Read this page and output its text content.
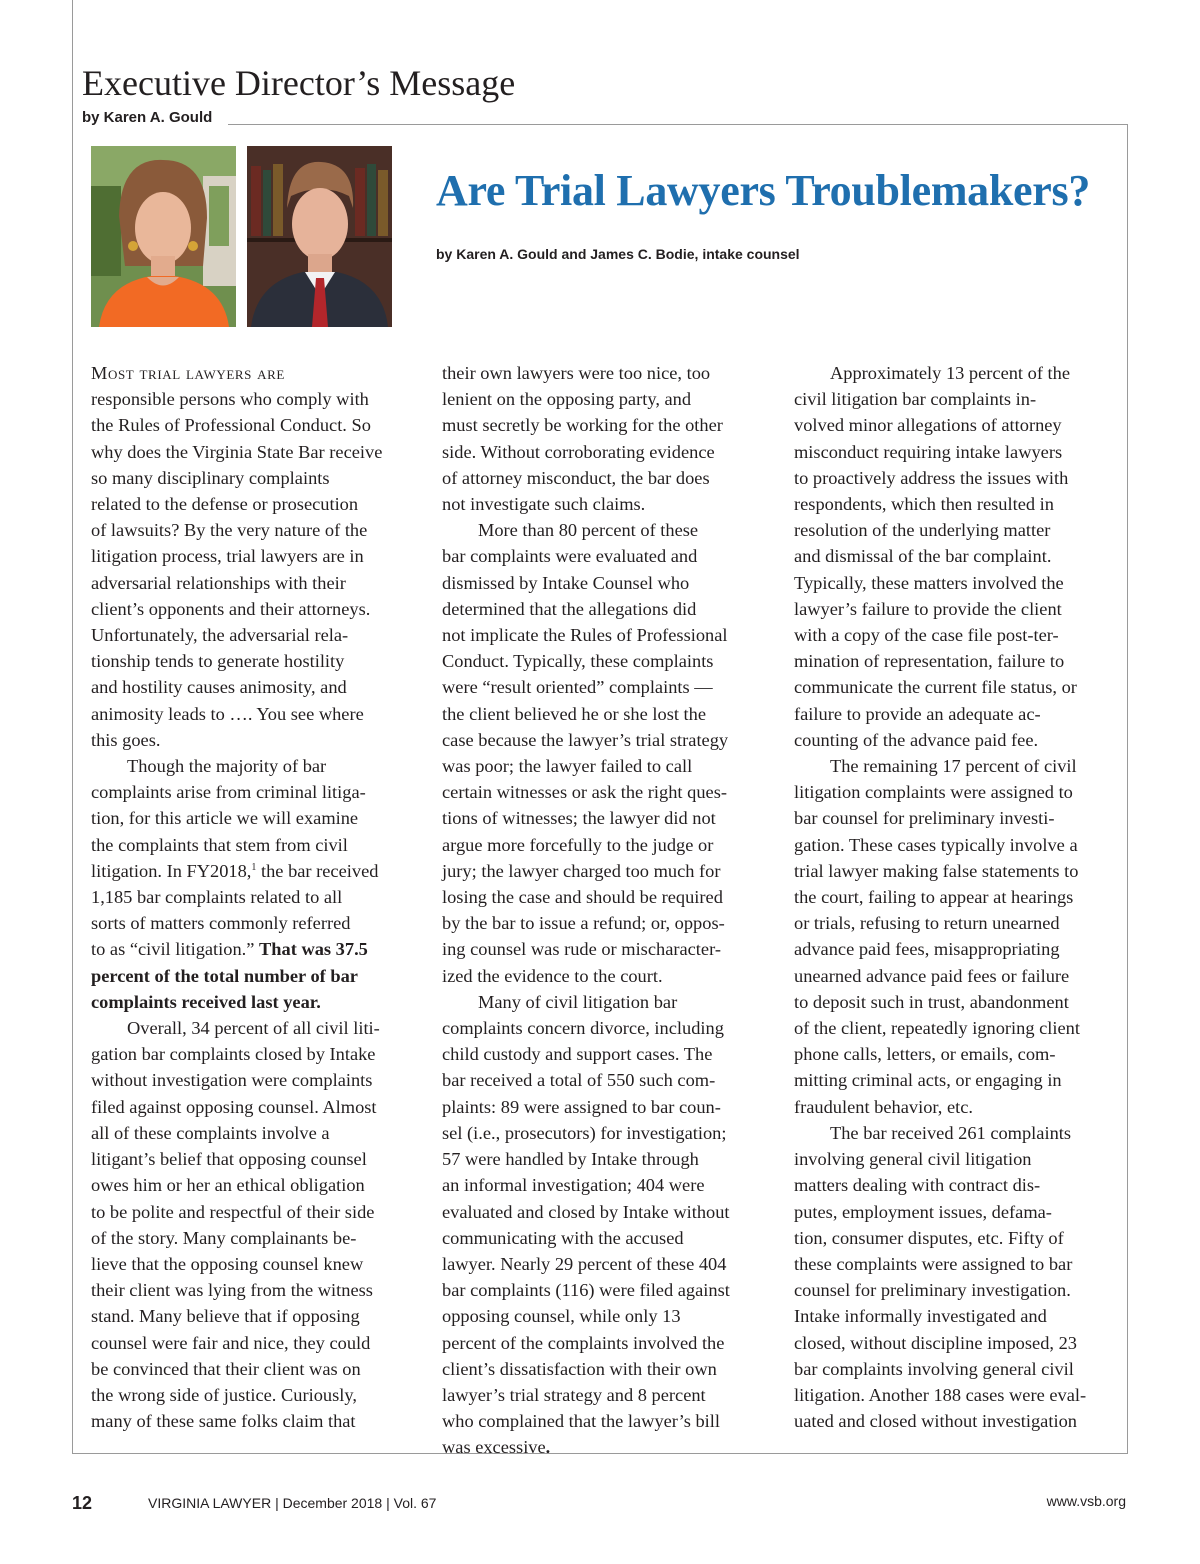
Executive Director’s Message
by Karen A. Gould
Are Trial Lawyers Troublemakers?
by Karen A. Gould and James C. Bodie, intake counsel
Most trial lawyers are
responsible persons who comply with
the Rules of Professional Conduct. So
why does the Virginia State Bar receive
so many disciplinary complaints
related to the defense or prosecution
of lawsuits? By the very nature of the
litigation process, trial lawyers are in
adversarial relationships with their
client’s opponents and their attorneys.
Unfortunately, the adversarial rela-
tionship tends to generate hostility
and hostility causes animosity, and
animosity leads to …. You see where
this goes.
Though the majority of bar
complaints arise from criminal litiga-
tion, for this article we will examine
the complaints that stem from civil
litigation. In FY2018,$^1$ the bar received
1,185 bar complaints related to all
sorts of matters commonly referred
to as “civil litigation.” That was 37.5
percent of the total number of bar
complaints received last year.
Overall, 34 percent of all civil liti-
gation bar complaints closed by Intake
without investigation were complaints
filed against opposing counsel. Almost
all of these complaints involve a
litigant’s belief that opposing counsel
owes him or her an ethical obligation
to be polite and respectful of their side
of the story. Many complainants be-
lieve that the opposing counsel knew
their client was lying from the witness
stand. Many believe that if opposing
counsel were fair and nice, they could
be convinced that their client was on
the wrong side of justice. Curiously,
many of these same folks claim that
their own lawyers were too nice, too
lenient on the opposing party, and
must secretly be working for the other
side. Without corroborating evidence
of attorney misconduct, the bar does
not investigate such claims.
More than 80 percent of these
bar complaints were evaluated and
dismissed by Intake Counsel who
determined that the allegations did
not implicate the Rules of Professional
Conduct. Typically, these complaints
were “result oriented” complaints —
the client believed he or she lost the
case because the lawyer’s trial strategy
was poor; the lawyer failed to call
certain witnesses or ask the right ques-
tions of witnesses; the lawyer did not
argue more forcefully to the judge or
jury; the lawyer charged too much for
losing the case and should be required
by the bar to issue a refund; or, oppos-
ing counsel was rude or mischaracter-
ized the evidence to the court.
Many of civil litigation bar
complaints concern divorce, including
child custody and support cases. The
bar received a total of 550 such com-
plaints: 89 were assigned to bar coun-
sel (i.e., prosecutors) for investigation;
57 were handled by Intake through
an informal investigation; 404 were
evaluated and closed by Intake without
communicating with the accused
lawyer. Nearly 29 percent of these 404
bar complaints (116) were filed against
opposing counsel, while only 13
percent of the complaints involved the
client’s dissatisfaction with their own
lawyer’s trial strategy and 8 percent
who complained that the lawyer’s bill
was excessive.
Approximately 13 percent of the
civil litigation bar complaints in-
volved minor allegations of attorney
misconduct requiring intake lawyers
to proactively address the issues with
respondents, which then resulted in
resolution of the underlying matter
and dismissal of the bar complaint.
Typically, these matters involved the
lawyer’s failure to provide the client
with a copy of the case file post-ter-
mination of representation, failure to
communicate the current file status, or
failure to provide an adequate ac-
counting of the advance paid fee.
The remaining 17 percent of civil
litigation complaints were assigned to
bar counsel for preliminary investi-
gation. These cases typically involve a
trial lawyer making false statements to
the court, failing to appear at hearings
or trials, refusing to return unearned
advance paid fees, misappropriating
unearned advance paid fees or failure
to deposit such in trust, abandonment
of the client, repeatedly ignoring client
phone calls, letters, or emails, com-
mitting criminal acts, or engaging in
fraudulent behavior, etc.
The bar received 261 complaints
involving general civil litigation
matters dealing with contract dis-
putes, employment issues, defama-
tion, consumer disputes, etc. Fifty of
these complaints were assigned to bar
counsel for preliminary investigation.
Intake informally investigated and
closed, without discipline imposed, 23
bar complaints involving general civil
litigation. Another 188 cases were eval-
uated and closed without investigation
12	VIRGINIA LAWYER | December 2018 | Vol. 67	www.vsb.org
